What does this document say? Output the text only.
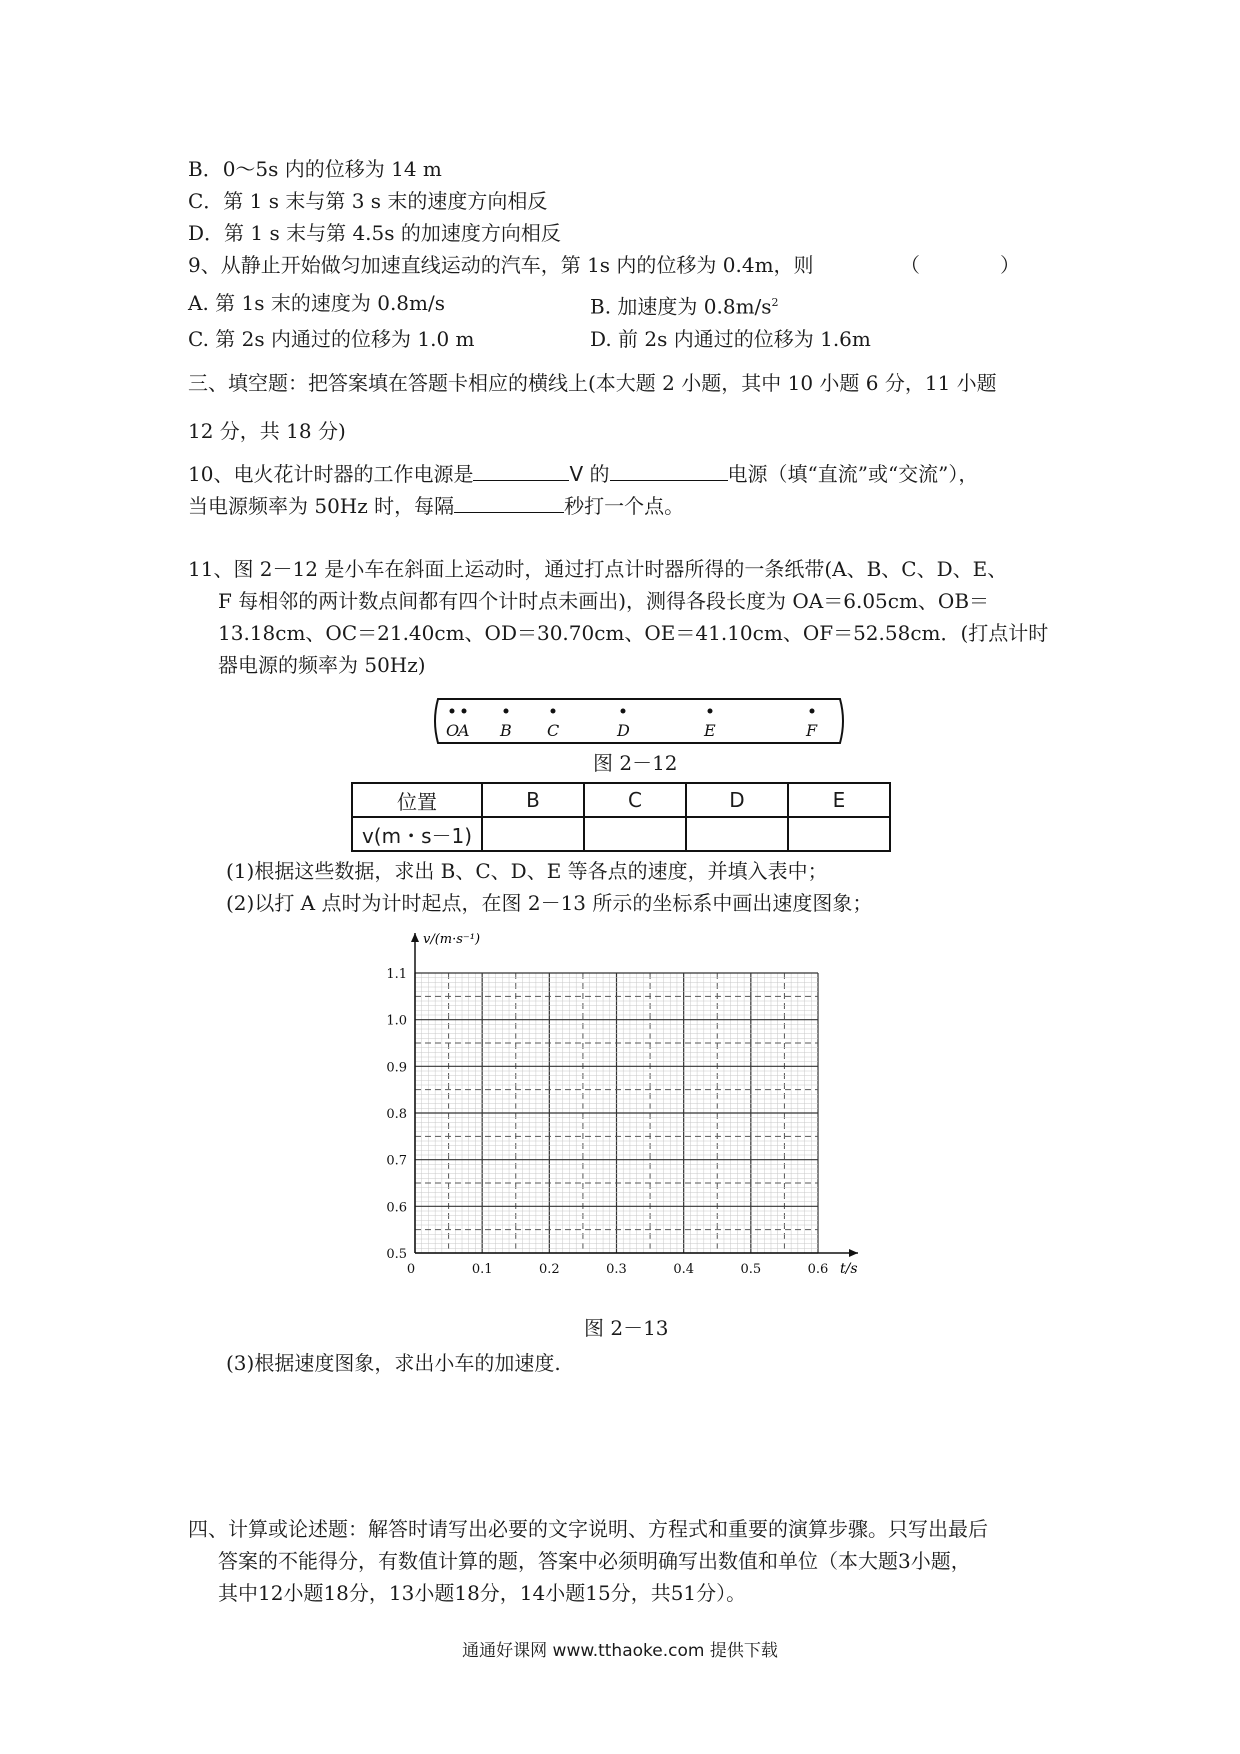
B．0～5s 内的位移为 14 m
C．第 1 s 末与第 3 s 末的速度方向相反
D．第 1 s 末与第 4.5s 的加速度方向相反
9、从静止开始做匀加速直线运动的汽车，第 1s 内的位移为 0.4m，则	（　　　　）
A. 第 1s 末的速度为 0.8m/s	B. 加速度为 $0.8m/s^2$
C. 第 2s 内通过的位移为 1.0 m	D. 前 2s 内通过的位移为 1.6m
三、填空题：把答案填在答题卡相应的横线上(本大题 2 小题，其中 10 小题 6 分，11 小题
12 分，共 18 分)
10、电火花计时器的工作电源是	V 的	电源（填“直流”或“交流”），
当电源频率为 50Hz 时，每隔	秒打一个点。
11、图 2－12 是小车在斜面上运动时，通过打点计时器所得的一条纸带(A、B、C、D、E、
F 每相邻的两计数点间都有四个计时点未画出)，测得各段长度为 OA＝6.05cm、OB＝
13.18cm、OC＝21.40cm、OD＝30.70cm、OE＝41.10cm、OF＝52.58cm．(打点计时
器电源的频率为 50Hz)
O
A B C	D	E	F
图 2－12
位置	B	C	D	E
v(m・s－1)				
(1)根据这些数据，求出 B、C、D、E 等各点的速度，并填入表中；
(2)以打 A 点时为计时起点，在图 2－13 所示的坐标系中画出速度图象；
0	0.1	0.2	0.3	0.4	0.5	0.6
0.5
0.6
0.7
0.8
0.9
1.0
1.1
v/(m·s⁻¹)
t/s
图 2－13
(3)根据速度图象，求出小车的加速度.
四、计算或论述题：解答时请写出必要的文字说明、方程式和重要的演算步骤。只写出最后
答案的不能得分，有数值计算的题，答案中必须明确写出数值和单位（本大题3小题，
其中12小题18分，13小题18分，14小题15分，共51分）。
通通好课网 www.tthaoke.com 提供下载
